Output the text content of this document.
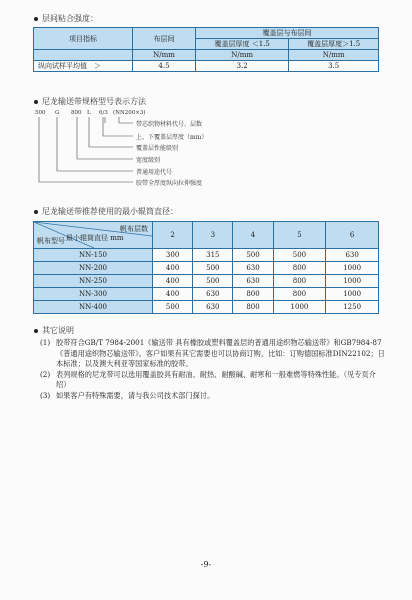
层间粘合强度：
项目指标	布层间	覆盖层与布层间	
		覆盖层厚度 ＜1.5	覆盖层厚度＞1.5
	N/mm	N/mm	N/mm
纵向试样平均值　＞	4.5	3.2	3.5
尼龙输送带规格型号表示方法
500 G 800 L 6/3 (NN200×3)
带芯织物材料代号、层数
上、下覆盖层厚度（mm）
覆盖层性能级别
宽度级别
普通用途代号
胶带全厚度纵向拉伸强度
尼龙输送带推荐使用的最小辊筒直径：
帆布层数
最小辊筒直径 mm
帆布型号	2	3	4	5	6
NN-150	300	315	500	500	630
NN-200	400	500	630	800	1000
NN-250	400	500	630	800	1000
NN-300	400	630	800	800	1000
NN-400	500	630	800	1000	1250
其它说明
(1) 胶带符合GB/T 7984-2001《输送带 具有橡胶或塑料覆盖层的普通用途织物芯输送带》和GB7984-87《普通用途织物芯输送带》。客户如果有其它需要也可以协商订购，比如：订购德国标准DIN22102；日本标准；以及澳大利亚等国家标准的胶带。
(2) 表列规格的尼龙带可以选用覆盖胶具有耐油、耐热、耐酸碱、耐寒和一般难燃等特殊性能。（见专页介绍）
(3) 如果客户有特殊需要，请与我公司技术部门探讨。
-9-
